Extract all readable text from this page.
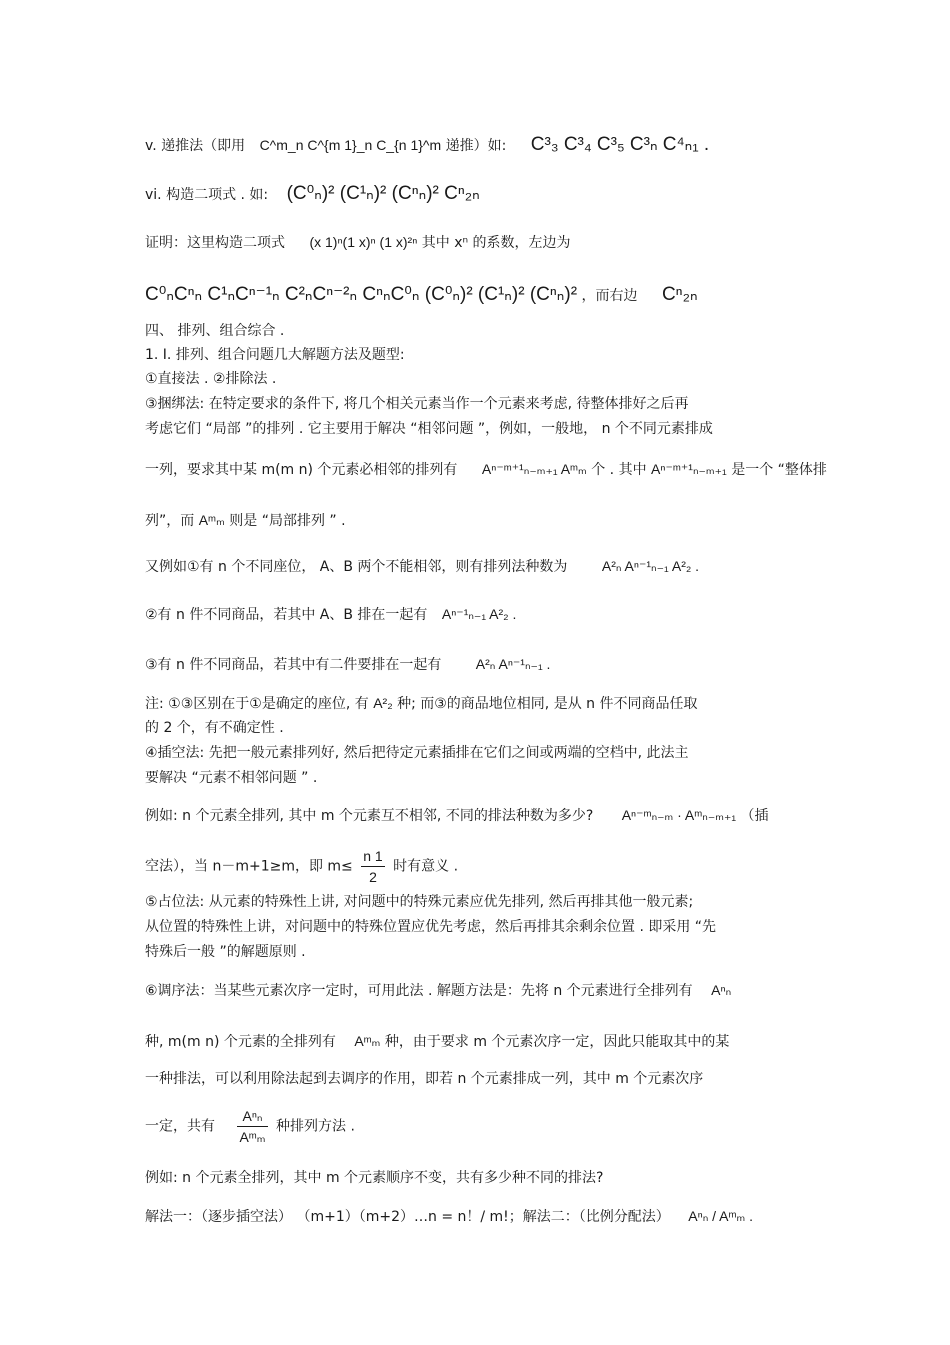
v. 递推法（即用 C^m_n C^{m 1}_n C_{n 1}^m 递推）如: C³₃ C³₄ C³₅ C³ₙ C⁴ₙ₁ .
vi. 构造二项式 . 如: (C⁰ₙ)² (C¹ₙ)² (Cⁿₙ)² Cⁿ₂ₙ
证明：这里构造二项式 (x 1)ⁿ(1 x)ⁿ (1 x)²ⁿ 其中 xⁿ 的系数，左边为
C⁰ₙCⁿₙ C¹ₙCⁿ⁻¹ₙ C²ₙCⁿ⁻²ₙ CⁿₙC⁰ₙ (C⁰ₙ)² (C¹ₙ)² (Cⁿₙ)² ，而右边 Cⁿ₂ₙ
四、 排列、组合综合 .
1. I. 排列、组合问题几大解题方法及题型:
①直接法 . ②排除法 .
③捆绑法: 在特定要求的条件下, 将几个相关元素当作一个元素来考虑, 待整体排好之后再
考虑它们 “局部 ”的排列 . 它主要用于解决 “相邻问题 ”，例如，一般地， n 个不同元素排成
一列，要求其中某 m(m n) 个元素必相邻的排列有 Aⁿ⁻ᵐ⁺¹ₙ₋ₘ₊₁ Aᵐₘ 个 . 其中 Aⁿ⁻ᵐ⁺¹ₙ₋ₘ₊₁ 是一个 “整体排
列”，而 Aᵐₘ 则是 “局部排列 ” .
又例如①有 n 个不同座位， A、B 两个不能相邻，则有排列法种数为 A²ₙ Aⁿ⁻¹ₙ₋₁ A²₂ .
②有 n 件不同商品，若其中 A、B 排在一起有 Aⁿ⁻¹ₙ₋₁ A²₂ .
③有 n 件不同商品，若其中有二件要排在一起有 A²ₙ Aⁿ⁻¹ₙ₋₁ .
注: ①③区别在于①是确定的座位, 有 A²₂ 种; 而③的商品地位相同, 是从 n 件不同商品任取
的 2 个，有不确定性 .
④插空法: 先把一般元素排列好, 然后把待定元素插排在它们之间或两端的空档中, 此法主
要解决 “元素不相邻问题 ” .
例如: n 个元素全排列, 其中 m 个元素互不相邻, 不同的排法种数为多少? Aⁿ⁻ᵐₙ₋ₘ · Aᵐₙ₋ₘ₊₁ （插
空法），当 n－m+1≥m，即 $m\le \frac{n 1}{2}$ 时有意义 .
⑤占位法: 从元素的特殊性上讲, 对问题中的特殊元素应优先排列, 然后再排其他一般元素;
从位置的特殊性上讲，对问题中的特殊位置应优先考虑，然后再排其余剩余位置 . 即采用 “先
特殊后一般 ”的解题原则 .
⑥调序法：当某些元素次序一定时，可用此法 . 解题方法是：先将 n 个元素进行全排列有 Aⁿₙ
种, m(m n) 个元素的全排列有 Aᵐₘ 种，由于要求 m 个元素次序一定，因此只能取其中的某
一种排法，可以利用除法起到去调序的作用，即若 n 个元素排成一列，其中 m 个元素次序
一定，共有 $\frac{\text{Aⁿₙ}}{\text{Aᵐₘ}}$ 种排列方法 .
例如: n 个元素全排列，其中 m 个元素顺序不变，共有多少种不同的排法?
解法一：（逐步插空法） （m+1）（m+2）…n = n！/ m!；解法二：（比例分配法） Aⁿₙ / Aᵐₘ .
